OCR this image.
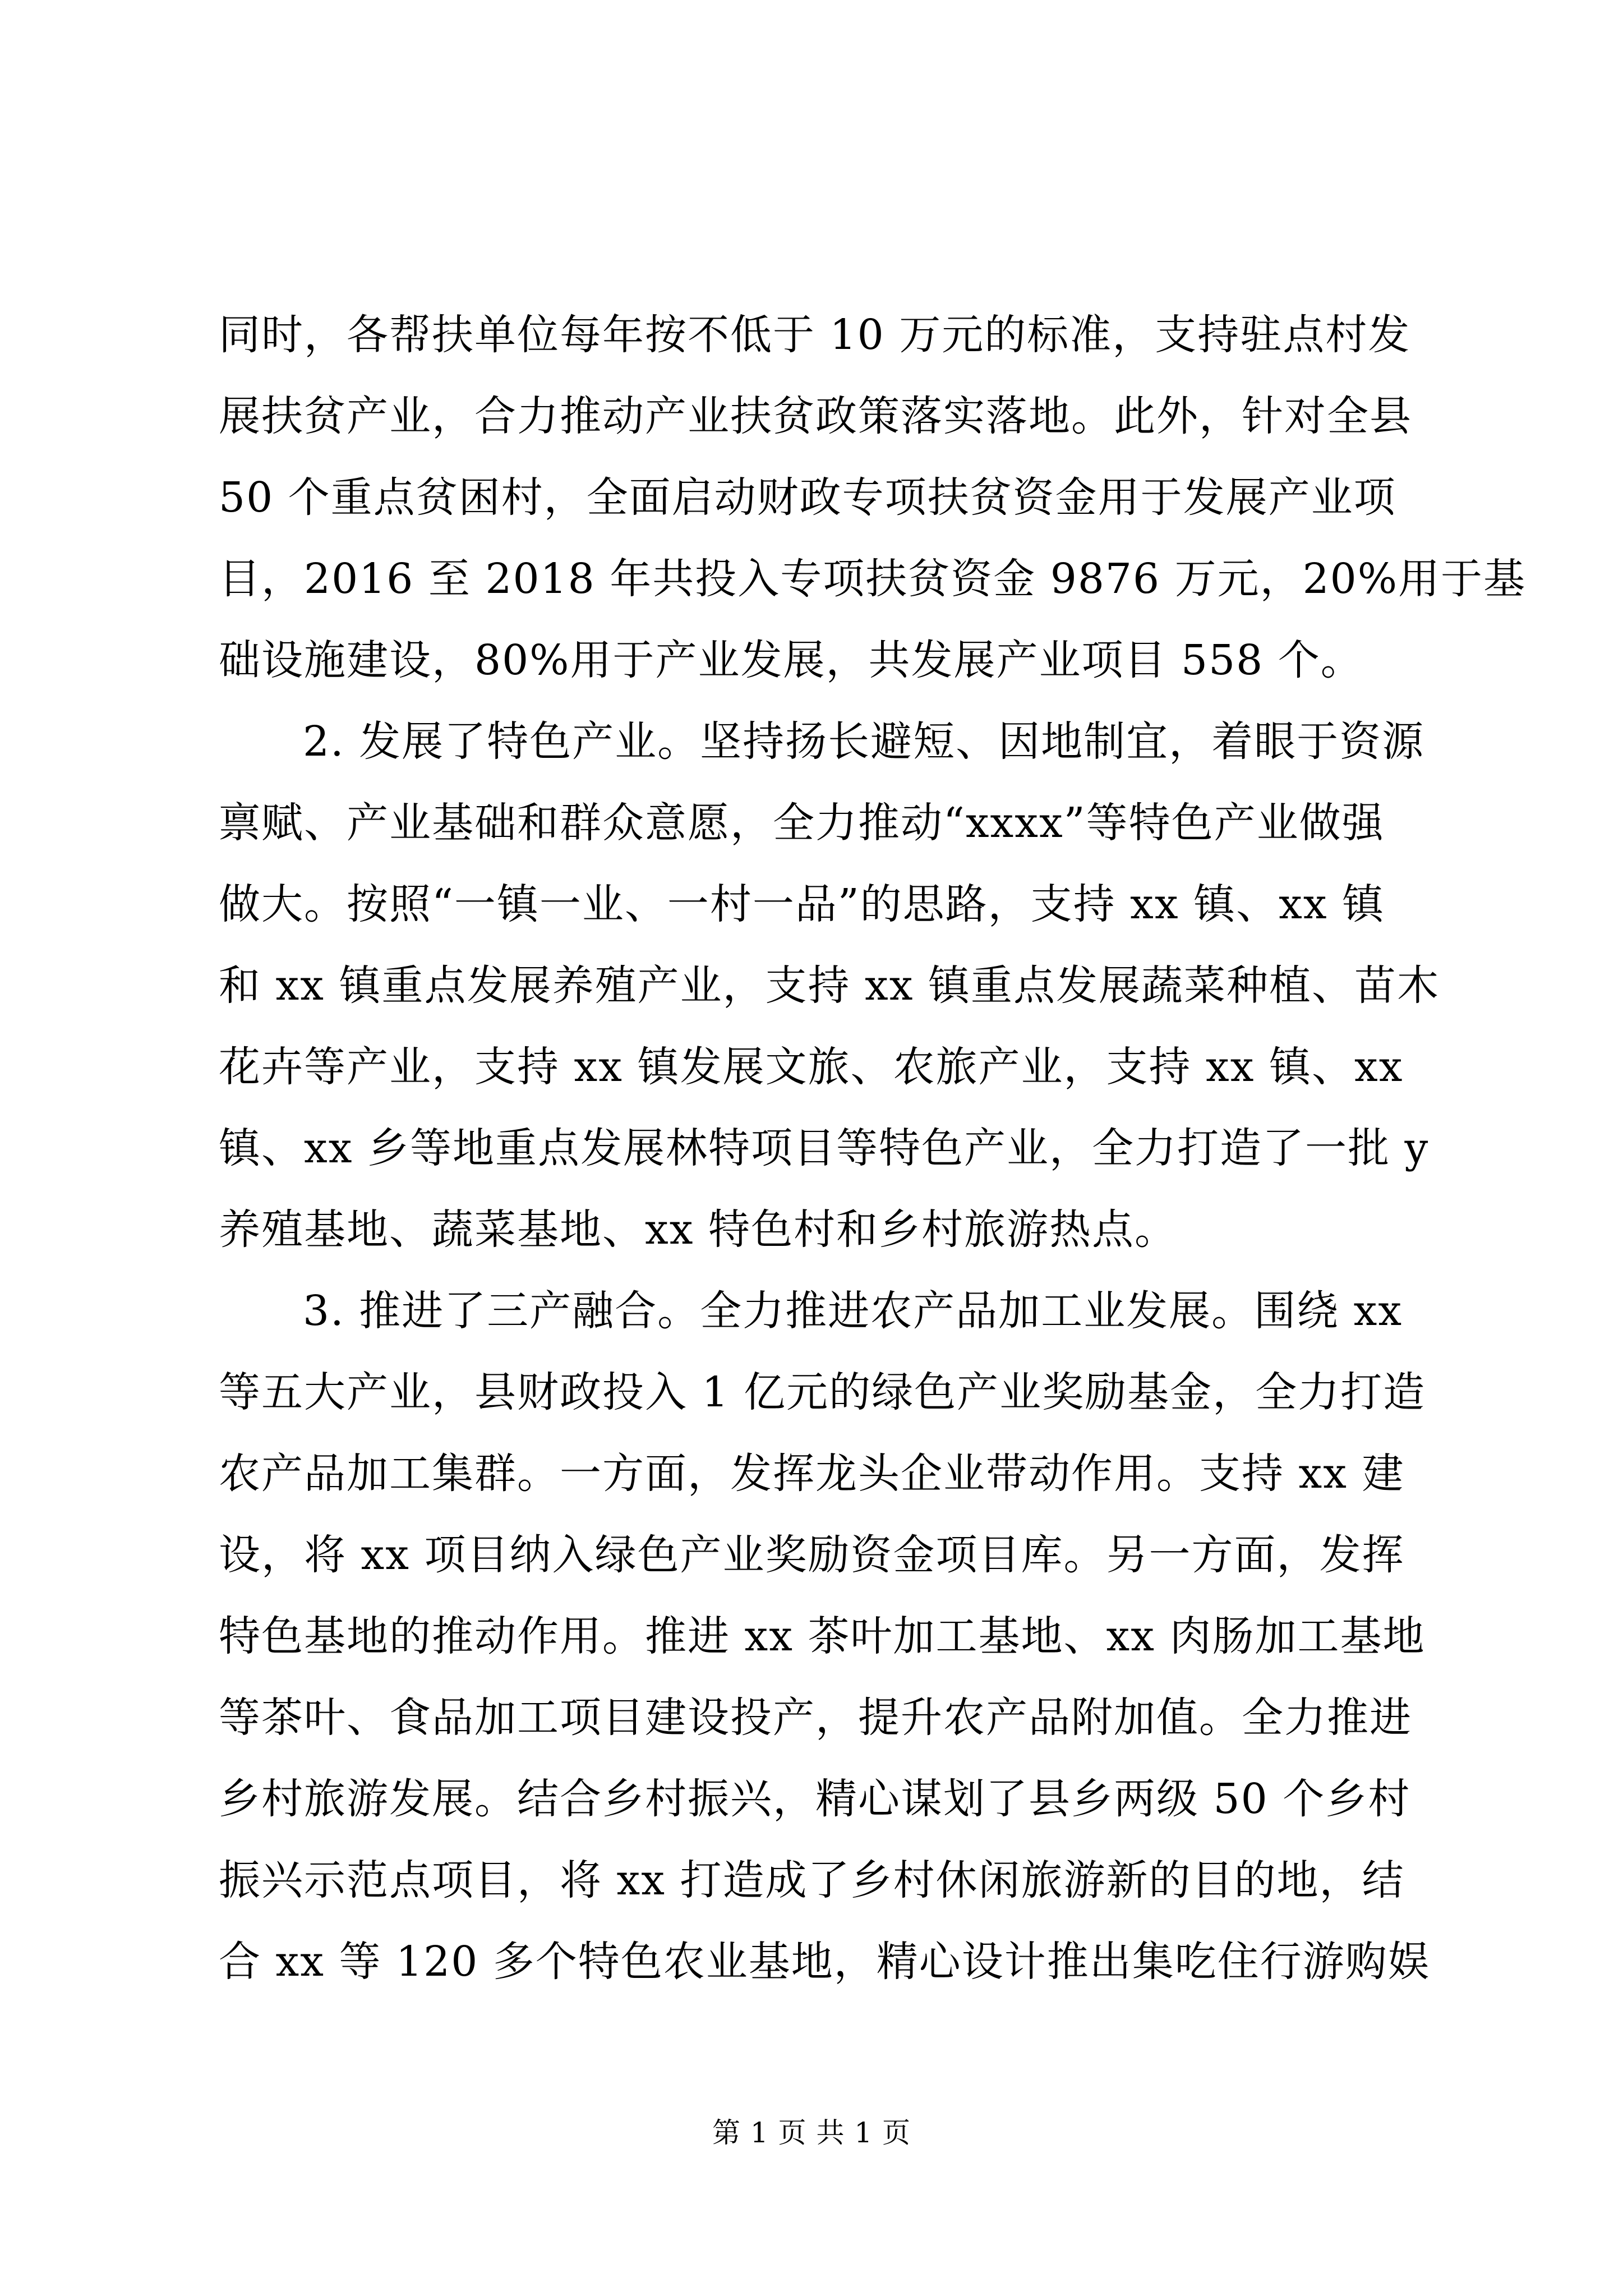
同时，各帮扶单位每年按不低于 10 万元的标准，支持驻点村发
展扶贫产业，合力推动产业扶贫政策落实落地。此外，针对全县
50 个重点贫困村，全面启动财政专项扶贫资金用于发展产业项
目，2016 至 2018 年共投入专项扶贫资金 9876 万元，20%用于基
础设施建设，80%用于产业发展，共发展产业项目 558 个。
2. 发展了特色产业。坚持扬长避短、因地制宜，着眼于资源
禀赋、产业基础和群众意愿，全力推动“xxxx”等特色产业做强
做大。按照“一镇一业、一村一品”的思路，支持 xx 镇、xx 镇
和 xx 镇重点发展养殖产业，支持 xx 镇重点发展蔬菜种植、苗木
花卉等产业，支持 xx 镇发展文旅、农旅产业，支持 xx 镇、xx
镇、xx 乡等地重点发展林特项目等特色产业，全力打造了一批 y
养殖基地、蔬菜基地、xx 特色村和乡村旅游热点。
3. 推进了三产融合。全力推进农产品加工业发展。围绕 xx
等五大产业，县财政投入 1 亿元的绿色产业奖励基金，全力打造
农产品加工集群。一方面，发挥龙头企业带动作用。支持 xx 建
设，将 xx 项目纳入绿色产业奖励资金项目库。另一方面，发挥
特色基地的推动作用。推进 xx 茶叶加工基地、xx 肉肠加工基地
等茶叶、食品加工项目建设投产，提升农产品附加值。全力推进
乡村旅游发展。结合乡村振兴，精心谋划了县乡两级 50 个乡村
振兴示范点项目，将 xx 打造成了乡村休闲旅游新的目的地，结
合 xx 等 120 多个特色农业基地，精心设计推出集吃住行游购娱
第 1 页 共 1 页
